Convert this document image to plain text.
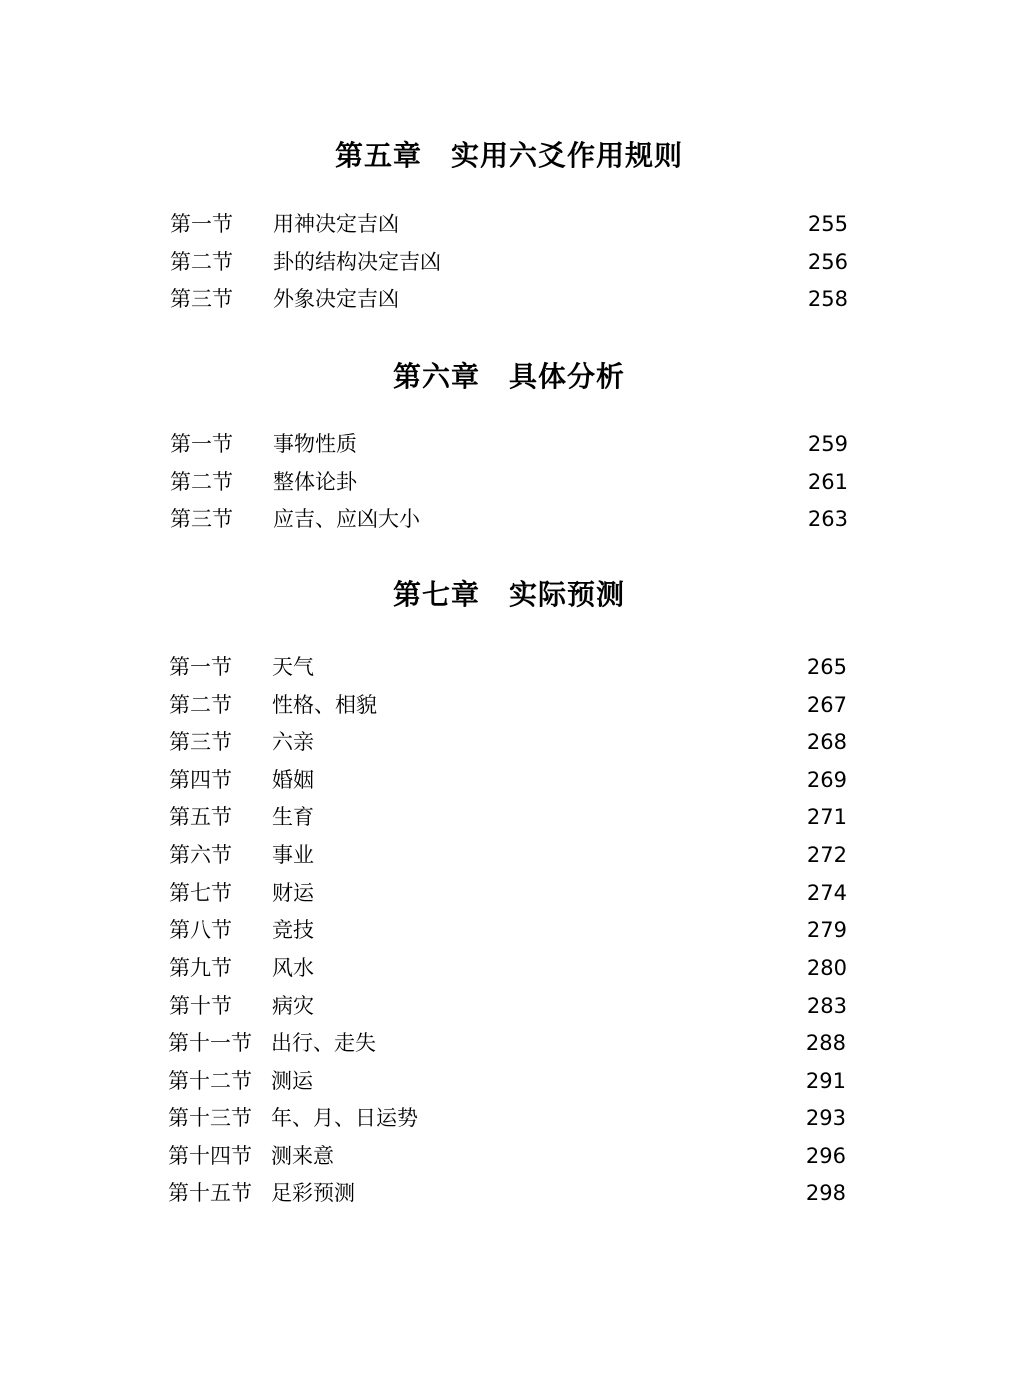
第五章　实用六爻作用规则
第一节 用神决定吉凶	255
第二节 卦的结构决定吉凶	256
第三节 外象决定吉凶	258
第六章　具体分析
第一节 事物性质	259
第二节 整体论卦	261
第三节 应吉、应凶大小	263
第七章　实际预测
第一节 天气	265
第二节 性格、相貌	267
第三节 六亲	268
第四节 婚姻	269
第五节 生育	271
第六节 事业	272
第七节 财运	274
第八节 竞技	279
第九节 风水	280
第十节 病灾	283
第十一节 出行、走失	288
第十二节 测运	291
第十三节 年、月、日运势	293
第十四节 测来意	296
第十五节 足彩预测	298
